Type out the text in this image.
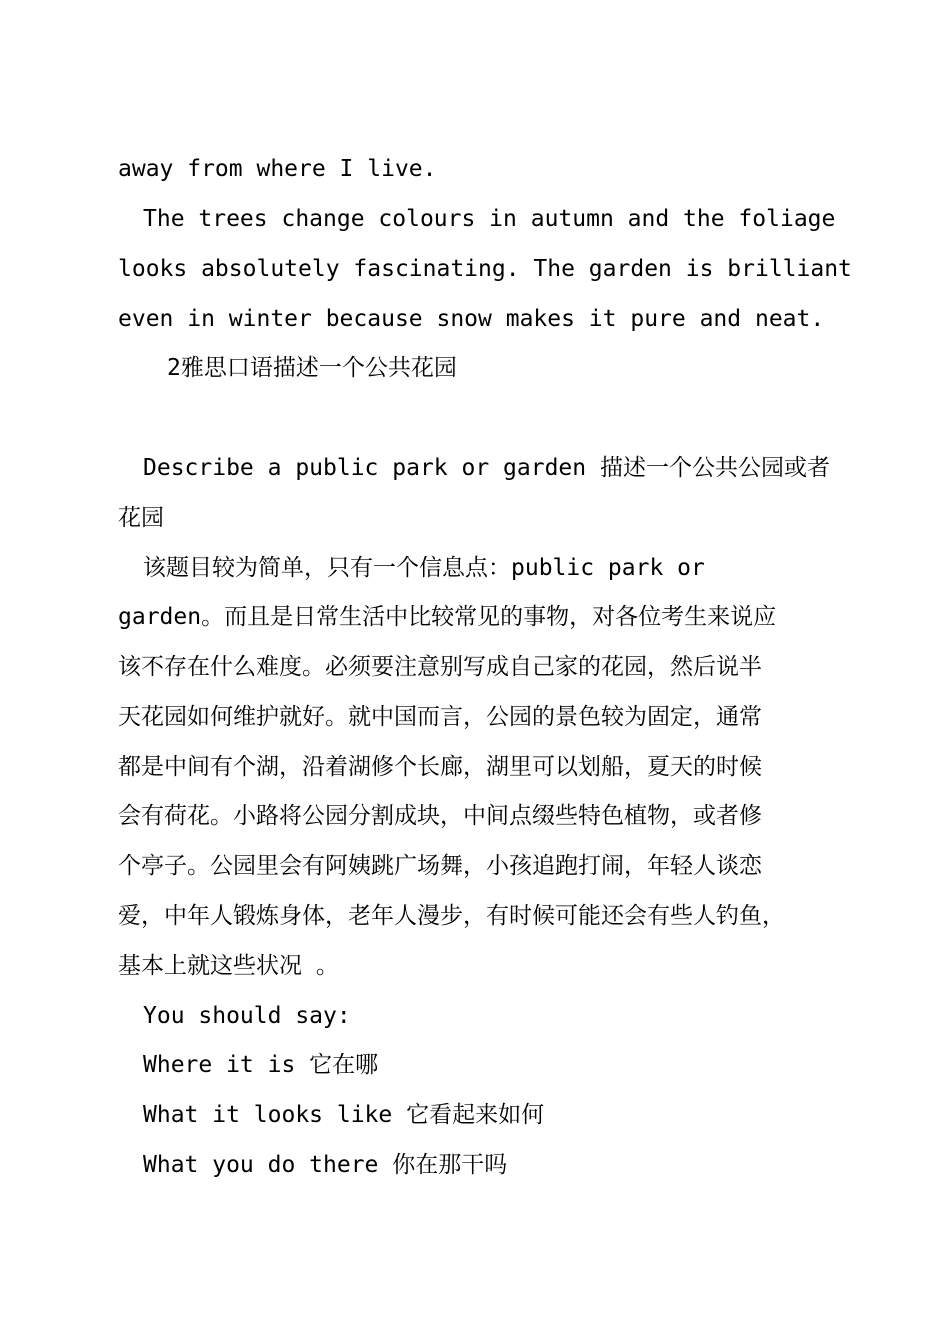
away from where I live.
The trees change colours in autumn and the foliage
looks absolutely fascinating. The garden is brilliant
even in winter because snow makes it pure and neat.
2雅思口语描述一个公共花园
Describe a public park or garden 描述一个公共公园或者
花园
该题目较为简单，只有一个信息点：public park or
garden。而且是日常生活中比较常见的事物，对各位考生来说应
该不存在什么难度。必须要注意别写成自己家的花园，然后说半
天花园如何维护就好。就中国而言，公园的景色较为固定，通常
都是中间有个湖，沿着湖修个长廊，湖里可以划船，夏天的时候
会有荷花。小路将公园分割成块，中间点缀些特色植物，或者修
个亭子。公园里会有阿姨跳广场舞，小孩追跑打闹，年轻人谈恋
爱，中年人锻炼身体，老年人漫步，有时候可能还会有些人钓鱼，
基本上就这些状况 。
You should say:
Where it is 它在哪
What it looks like 它看起来如何
What you do there 你在那干吗
